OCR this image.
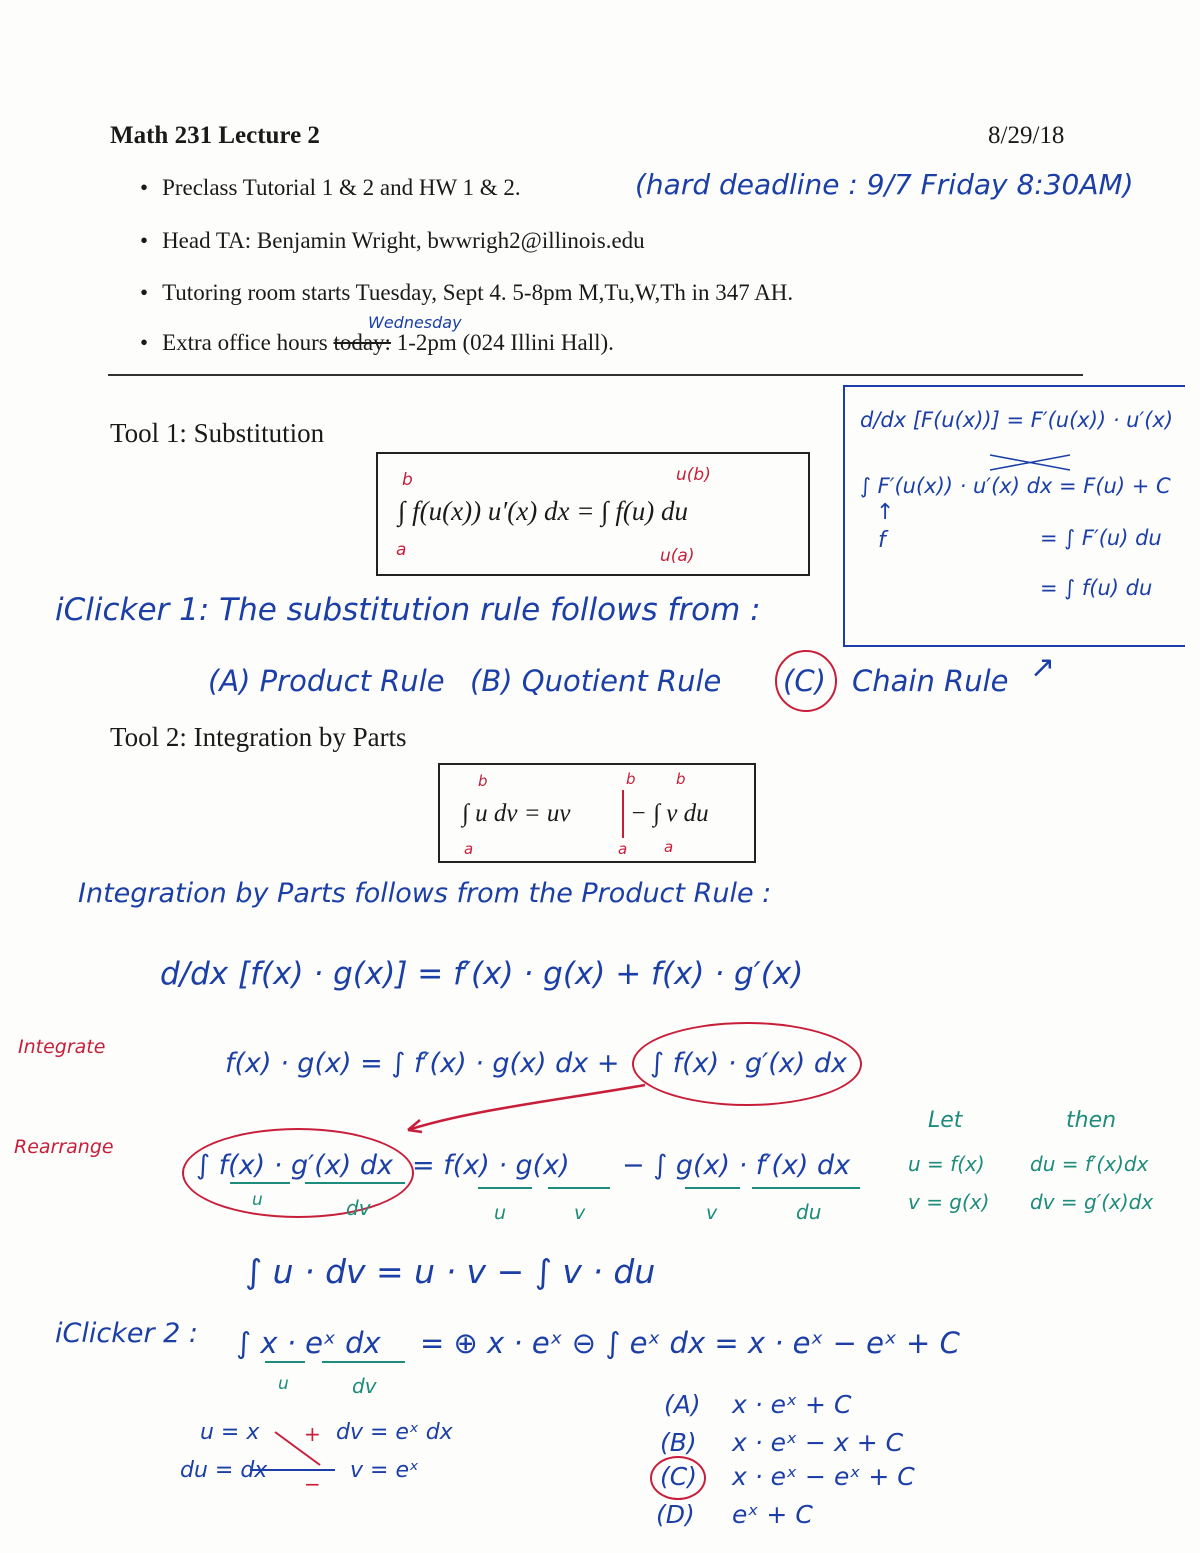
Math 231 Lecture 2	8/29/18
• Preclass Tutorial 1 & 2 and HW 1 & 2.	(hard deadline : 9/7 Friday 8:30AM)
• Head TA: Benjamin Wright, bwwrigh2@illinois.edu
• Tutoring room starts Tuesday, Sept 4. 5-8pm M,Tu,W,Th in 347 AH.
• Extra office hours today: 1-2pm (024 Illini Hall).
Wednesday
Tool 1: Substitution
∫ f(u(x)) u′(x) dx = ∫ f(u) du
b
a
u(b)
u(a)
d/dx [F(u(x))] = F′(u(x)) · u′(x)
∫ F′(u(x)) · u′(x) dx = F(u) + C
= ∫ F′(u) du
= ∫ f(u) du
↑
f
iClicker 1: The substitution rule follows from :
(A) Product Rule (B) Quotient Rule (C) Chain Rule ↗
Tool 2: Integration by Parts
∫ u dv = uv − ∫ v du
b	b	b
a	a a
Integration by Parts follows from the Product Rule :
d/dx [f(x) · g(x)] = f′(x) · g(x) + f(x) · g′(x)
Integrate
f(x) · g(x) = ∫ f′(x) · g(x) dx + ∫ f(x) · g′(x) dx
Rearrange
∫ f(x) · g′(x) dx = f(x) · g(x) − ∫ g(x) · f′(x) dx
u	dv	u	v	v	du
Let	then
u = f(x)
v = g(x)
du = f′(x)dx
dv = g′(x)dx
∫ u · dv = u · v − ∫ v · du
iClicker 2 : ∫ x · eˣ dx = ⊕ x · eˣ ⊖ ∫ eˣ dx = x · eˣ − eˣ + C
u	dv
u = x	dv = eˣ dx
du = dx	v = eˣ
+
−
(A) x · eˣ + C
(B) x · eˣ − x + C
(C) x · eˣ − eˣ + C
(D) eˣ + C
